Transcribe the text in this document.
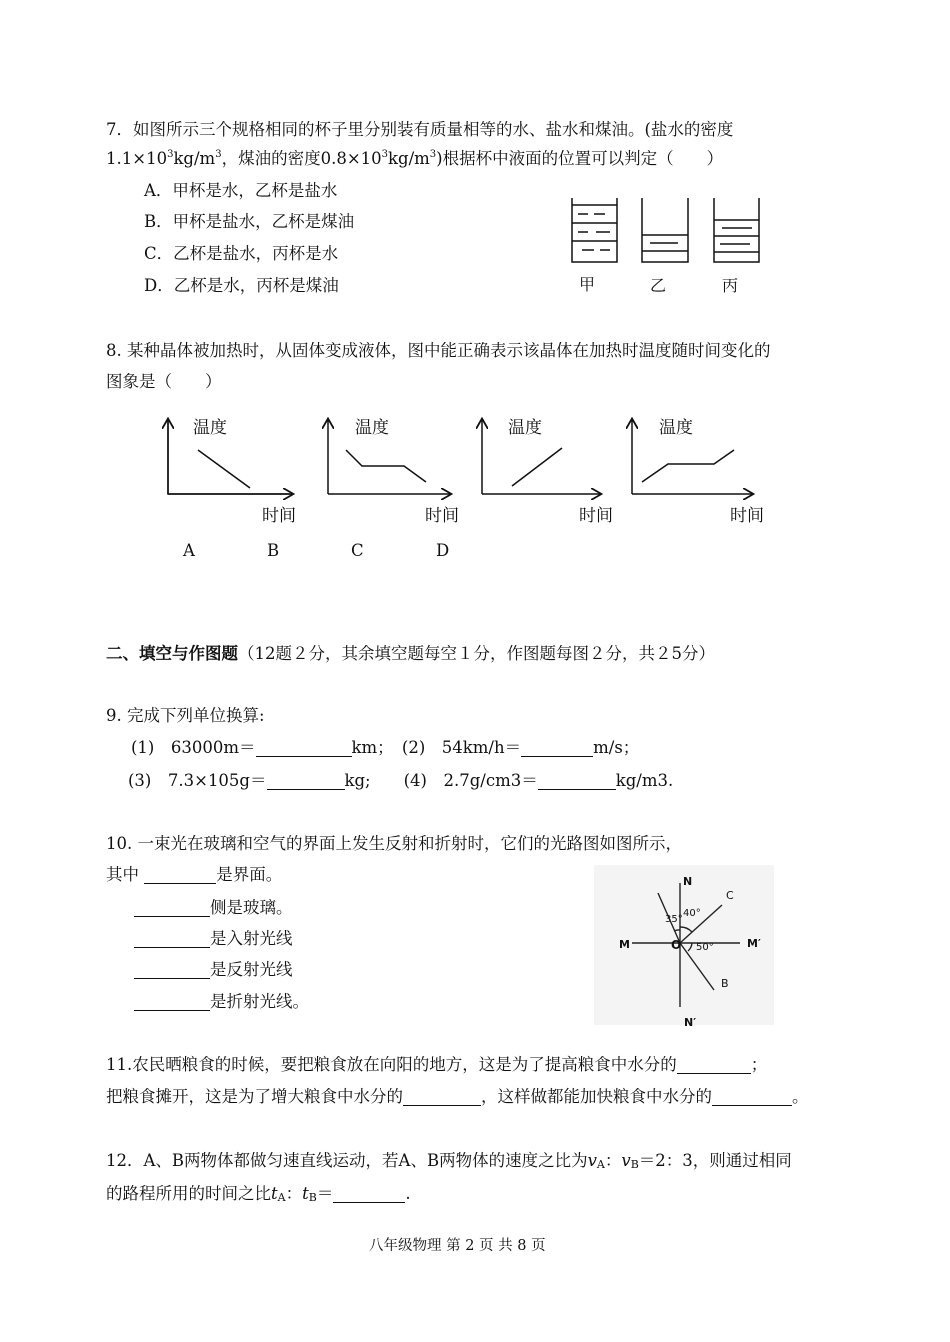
7．如图所示三个规格相同的杯子里分别装有质量相等的水、盐水和煤油。(盐水的密度
$1.1\times 10^3kg/m^3$，煤油的密度$0.8\times 10^3kg/m^3$)根据杯中液面的位置可以判定（　　）
A．甲杯是水，乙杯是盐水
B．甲杯是盐水，乙杯是煤油
C．乙杯是盐水，丙杯是水
D．乙杯是水，丙杯是煤油	甲	乙	丙
8. 某种晶体被加热时，从固体变成液体，图中能正确表示该晶体在加热时温度随时间变化的
图象是（　　）
温度	温度	温度	温度
时间	时间	时间	时间
A	B	C	D
二、填空与作图题（12题２分，其余填空题每空１分，作图题每图２分，共２5分）
9. 完成下列单位换算:
(1)　63000m＝	km；　(2)　54km/h＝	m/s；
(3)　7.3×105g＝	kg;　　(4)　2.7g/cm3＝	kg/m3.
10. 一束光在玻璃和空气的界面上发生反射和折射时，它们的光路图如图所示，
其中	是界面。
侧是玻璃。
是入射光线
是反射光线
是折射光线。
N
N′
M	M′
O
C
B
35°
40°
50°
11.农民晒粮食的时候，要把粮食放在向阳的地方，这是为了提高粮食中水分的	；
把粮食摊开，这是为了增大粮食中水分的	，这样做都能加快粮食中水分的	。
12．A、B两物体都做匀速直线运动，若A、B两物体的速度之比为$v_A$：$v_B=2$：3，则通过相同
的路程所用的时间之比$t_A$：$t_B=$	.
八年级物理 第 2 页 共 8 页
